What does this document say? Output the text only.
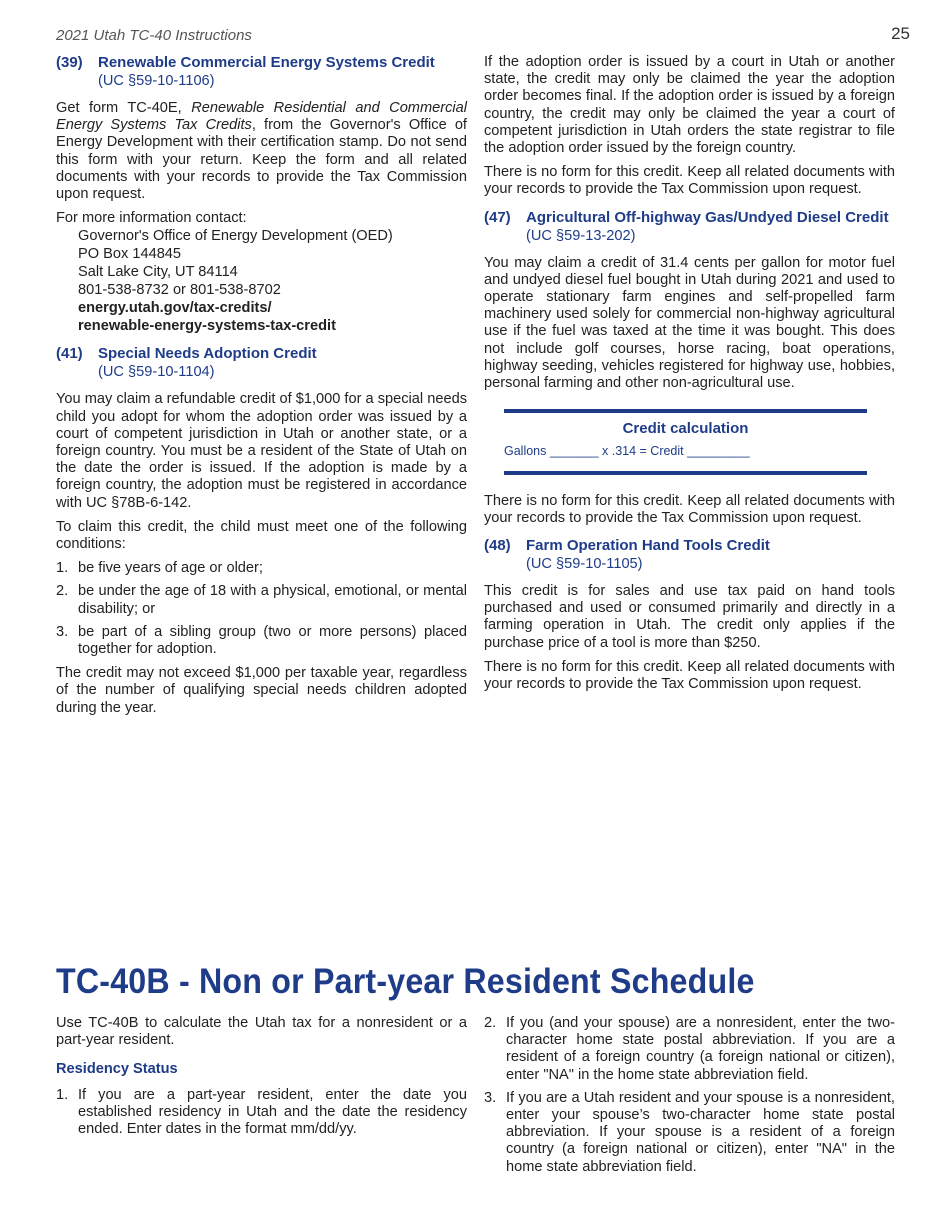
2021 Utah TC-40 Instructions	25
(39)	Renewable Commercial Energy Systems Credit
(UC §59-10-1106)

Get form TC-40E, Renewable Residential and Commercial Energy Systems Tax Credits, from the Governor's Office of Energy Development with their certification stamp. Do not send this form with your return. Keep the form and all related documents with your records to provide the Tax Commission upon request.

For more information contact:

Governor's Office of Energy Development (OED)
PO Box 144845
Salt Lake City, UT 84114
801-538-8732 or 801-538-8702
energy.utah.gov/tax-credits/
renewable-energy-systems-tax-credit
(41)	Special Needs Adoption Credit
(UC §59-10-1104)

You may claim a refundable credit of $1,000 for a special needs child you adopt for whom the adoption order was issued by a court of competent jurisdiction in Utah or another state, or a foreign country. You must be a resident of the State of Utah on the date the order is issued. If the adoption is made by a foreign country, the adoption must be registered in accordance with UC §78B-6-142.

To claim this credit, the child must meet one of the following conditions:

1. be five years of age or older;
2. be under the age of 18 with a physical, emotional, or mental disability; or
3. be part of a sibling group (two or more persons) placed together for adoption.

The credit may not exceed $1,000 per taxable year, regardless of the number of qualifying special needs children adopted during the year.

If the adoption order is issued by a court in Utah or another state, the credit may only be claimed the year the adoption order becomes final. If the adoption order is issued by a foreign country, the credit may only be claimed the year a court of competent jurisdiction in Utah orders the state registrar to file the adoption order issued by the foreign country.

There is no form for this credit. Keep all related documents with your records to provide the Tax Commission upon request.

(47)	Agricultural Off-highway Gas/Undyed Diesel Credit
(UC §59-13-202)

You may claim a credit of 31.4 cents per gallon for motor fuel and undyed diesel fuel bought in Utah during 2021 and used to operate stationary farm engines and self-propelled farm machinery used solely for commercial non-highway agricultural use if the fuel was taxed at the time it was bought. This does not include golf courses, horse racing, boat operations, highway seeding, vehicles registered for highway use, hobbies, personal farming and other non-agricultural use.

Credit calculation
Gallons _______ x .314 = Credit _________

There is no form for this credit. Keep all related documents with your records to provide the Tax Commission upon request.

(48)	Farm Operation Hand Tools Credit
(UC §59-10-1105)

This credit is for sales and use tax paid on hand tools purchased and used or consumed primarily and directly in a farming operation in Utah. The credit only applies if the purchase price of a tool is more than $250.

There is no form for this credit. Keep all related documents with your records to provide the Tax Commission upon request.

TC-40B - Non or Part-year Resident Schedule

Use TC-40B to calculate the Utah tax for a nonresident or a part-year resident.

Residency Status
1. If you are a part-year resident, enter the date you established residency in Utah and the date the residency ended. Enter dates in the format mm/dd/yy.
2. If you (and your spouse) are a nonresident, enter the two-character home state postal abbreviation. If you are a resident of a foreign country (a foreign national or citizen), enter "NA" in the home state abbreviation field.
3. If you are a Utah resident and your spouse is a nonresident, enter your spouse’s two-character home state postal abbreviation. If your spouse is a resident of a foreign country (a foreign national or citizen), enter "NA" in the home state abbreviation field.
